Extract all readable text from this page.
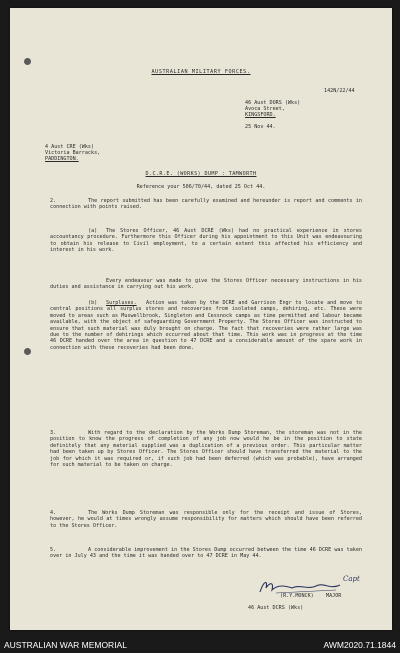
AUSTRALIAN MILITARY FORCES.
142N/22/44
46 Aust DORS (Wks)
Avoca Street,
KINGSFORD.
25 Nov 44.
4 Aust CRE (Wks)
Victoria Barracks,
PADDINGTON.
D.C.R.E. (WORKS) DUMP : TAMWORTH
Reference your 506/70/44, dated 25 Oct 44.
2.	The report submitted has been carefully examined and hereunder is report and comments in connection with points raised.
(a)	The Stores Officer, 46 Aust DCRE (Wks) had no practical experience in stores accountancy procedure. Furthermore this Officer during his appointment to this Unit was endeavouring to obtain his release to Civil employment, to a certain extent this affected his efficiency and interest in his work.
Every endeavour was made to give the Stores Officer necessary instructions in his duties and assistance in carrying out his work.
(b) Surpluses.	Action was taken by the DCRE and Garrison Engr to locate and move to central positions all surplus stores and recoveries from isolated camps, dehiring, etc. These were moved to areas such as Muswellbrook, Singleton and Cessnock camps as time permitted and labour became available, with the object of safeguarding Government Property. The Stores Officer was instructed to ensure that such material was duly brought on charge. The fact that recoveries were rather large was due to the number of dehirings which occurred about that time. This work was in progress at the time 46 DCRE handed over the area in question to 47 DCRE and a considerable amount of the spare work in connection with these recoveries had been done.
3.	With regard to the declaration by the Works Dump Storeman, the storeman was not in the position to know the progress of completion of any job now would he be in the position to state definitely that any material supplied was a duplication of a previous order. This particular matter had been taken up by Stores Officer. The Stores Officer should have transferred the material to the job for which it was required or, if such job had been deferred (which was probable), have arranged for such material to be taken on charge.
4.	The Works Dump Storeman was responsible only for the receipt and issue of Stores, however, he would at times wrongly assume responsibility for matters which should have been referred to the Stores Officer.
5.	A considerable improvement in the Stores Dump occurred between the time 46 DCRE was taken over in July 43 and the time it was handed over to 47 DCRE in May 44.
Capt
(R.Y.MONCK)    MAJOR
46 Aust DCRS (Wks)
AUSTRALIAN WAR MEMORIAL	AWM2020.71.1844
